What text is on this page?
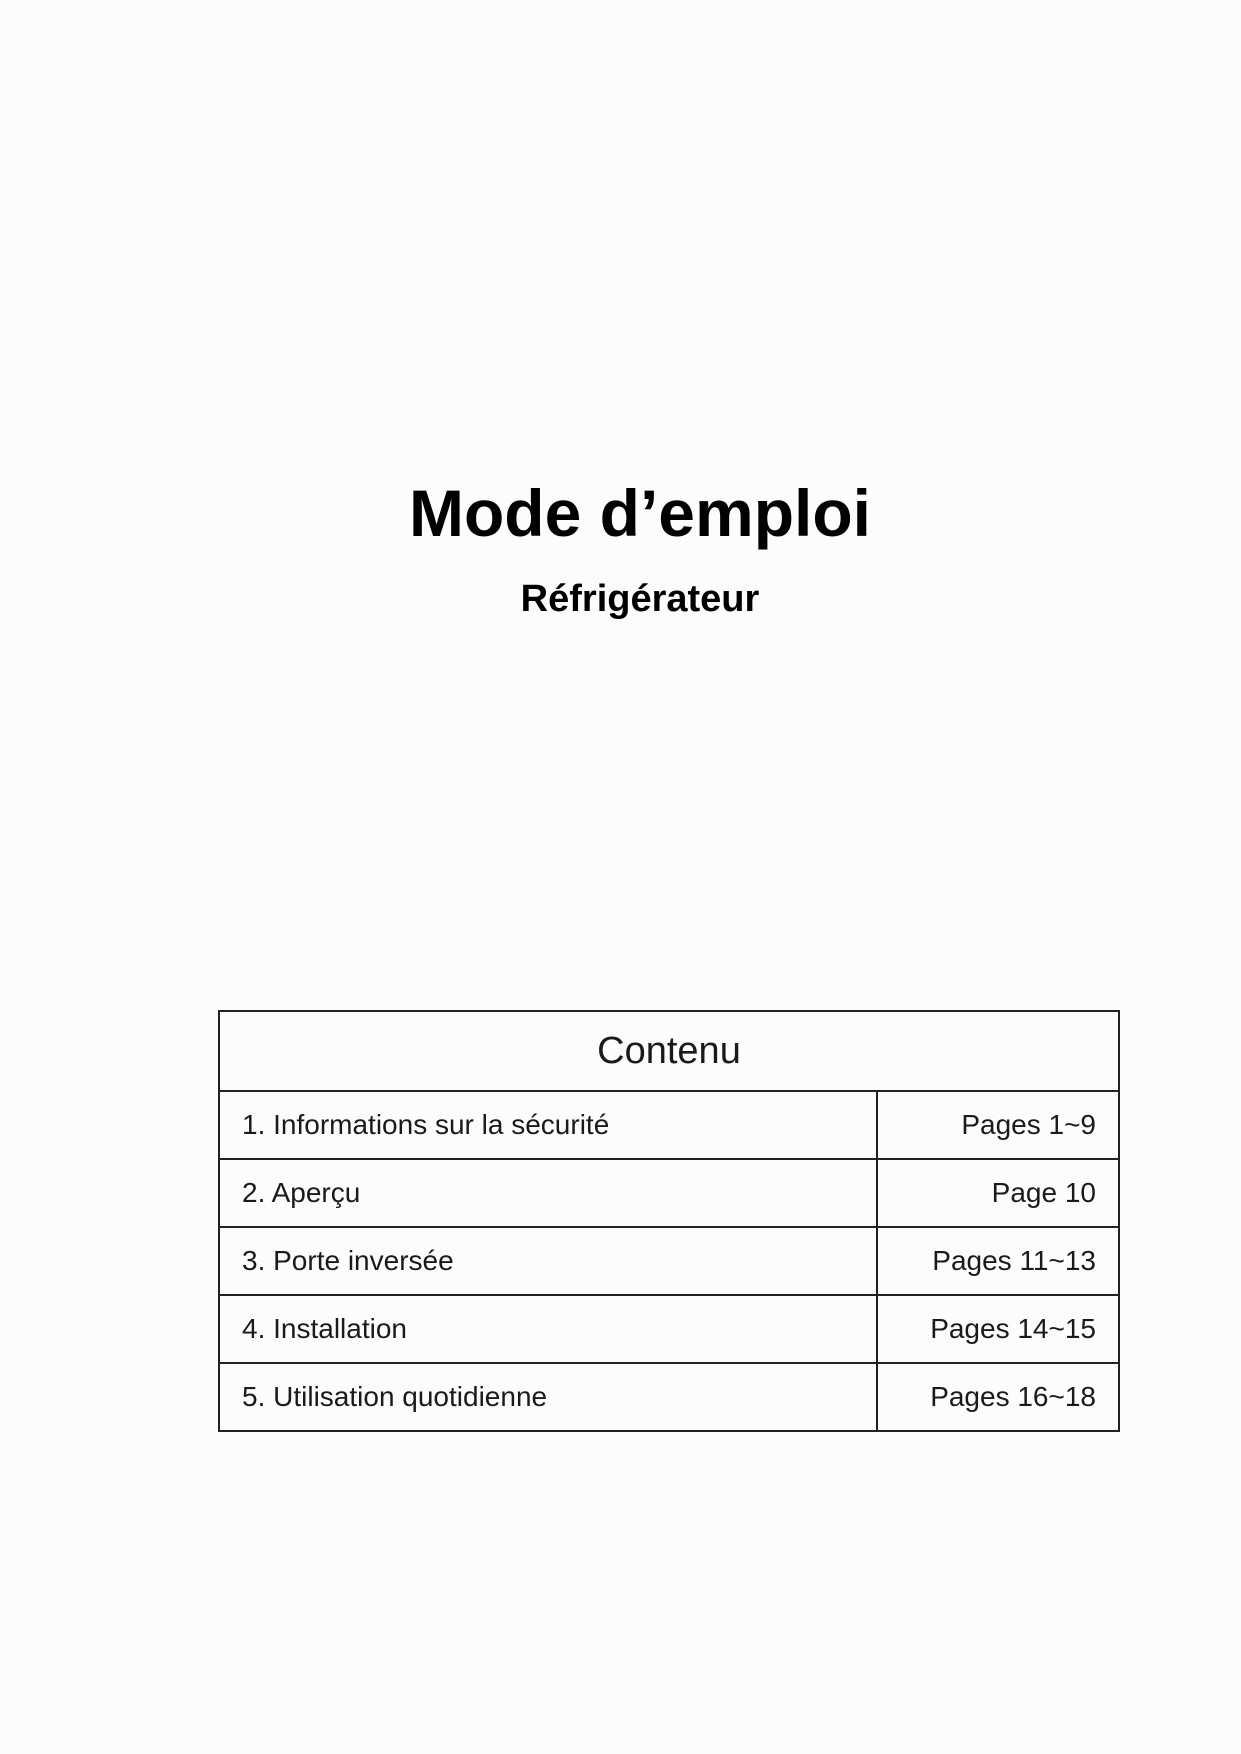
Mode d’emploi
Réfrigérateur
Contenu	
1. Informations sur la sécurité	Pages 1~9
2. Aperçu	Page 10
3. Porte inversée	Pages 11~13
4. Installation	Pages 14~15
5. Utilisation quotidienne	Pages 16~18
